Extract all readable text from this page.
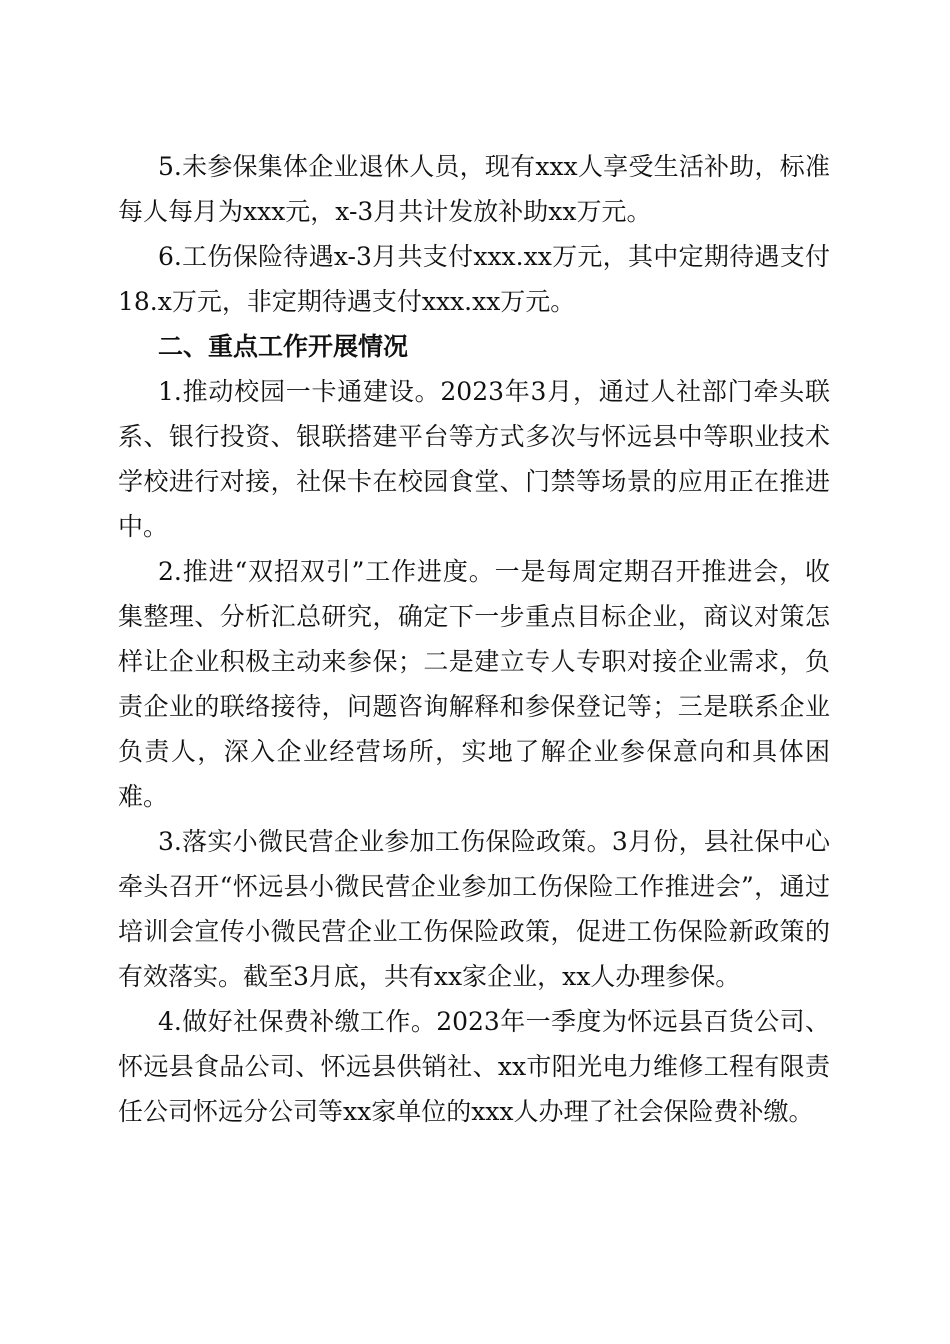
5.未参保集体企业退休人员，现有xxx人享受生活补助，标准每人每月为xxx元，x-3月共计发放补助xx万元。

6.工伤保险待遇x-3月共支付xxx.xx万元，其中定期待遇支付18.x万元，非定期待遇支付xxx.xx万元。

二、重点工作开展情况

1.推动校园一卡通建设。2023年3月，通过人社部门牵头联系、银行投资、银联搭建平台等方式多次与怀远县中等职业技术学校进行对接，社保卡在校园食堂、门禁等场景的应用正在推进中。

2.推进“双招双引”工作进度。一是每周定期召开推进会，收集整理、分析汇总研究，确定下一步重点目标企业，商议对策怎样让企业积极主动来参保；二是建立专人专职对接企业需求，负责企业的联络接待，问题咨询解释和参保登记等；三是联系企业负责人，深入企业经营场所，实地了解企业参保意向和具体困难。

3.落实小微民营企业参加工伤保险政策。3月份，县社保中心牵头召开“怀远县小微民营企业参加工伤保险工作推进会”，通过培训会宣传小微民营企业工伤保险政策，促进工伤保险新政策的有效落实。截至3月底，共有xx家企业，xx人办理参保。

4.做好社保费补缴工作。2023年一季度为怀远县百货公司、怀远县食品公司、怀远县供销社、xx市阳光电力维修工程有限责任公司怀远分公司等xx家单位的xxx人办理了社会保险费补缴。
